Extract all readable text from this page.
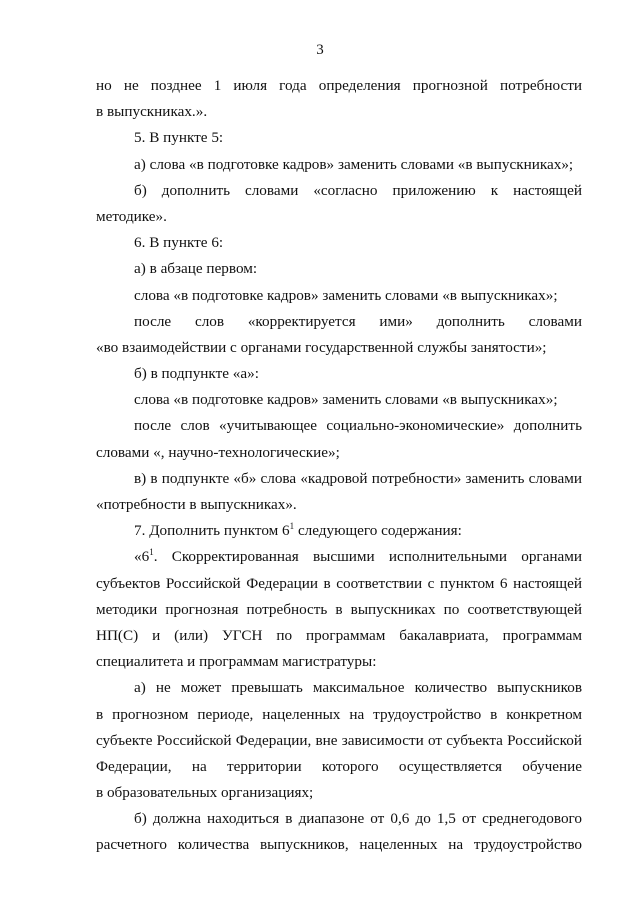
3
но не позднее 1 июля года определения прогнозной потребности
в выпускниках.».
5. В пункте 5:
а) слова «в подготовке кадров» заменить словами «в выпускниках»;
б) дополнить словами «согласно приложению к настоящей
методике».
6. В пункте 6:
а) в абзаце первом:
слова «в подготовке кадров» заменить словами «в выпускниках»;
после слов «корректируется ими» дополнить словами
«во взаимодействии с органами государственной службы занятости»;
б) в подпункте «а»:
слова «в подготовке кадров» заменить словами «в выпускниках»;
после слов «учитывающее социально-экономические» дополнить
словами «, научно-технологические»;
в) в подпункте «б» слова «кадровой потребности» заменить словами
«потребности в выпускниках».
7. Дополнить пунктом $6^1$ следующего содержания:
«$6^1$. Скорректированная высшими исполнительными органами
субъектов Российской Федерации в соответствии с пунктом 6 настоящей
методики прогнозная потребность в выпускниках по соответствующей
НП(С) и (или) УГСН по программам бакалавриата, программам
специалитета и программам магистратуры:
а) не может превышать максимальное количество выпускников
в прогнозном периоде, нацеленных на трудоустройство в конкретном
субъекте Российской Федерации, вне зависимости от субъекта Российской
Федерации, на территории которого осуществляется обучение
в образовательных организациях;
б) должна находиться в диапазоне от 0,6 до 1,5 от среднегодового
расчетного количества выпускников, нацеленных на трудоустройство
